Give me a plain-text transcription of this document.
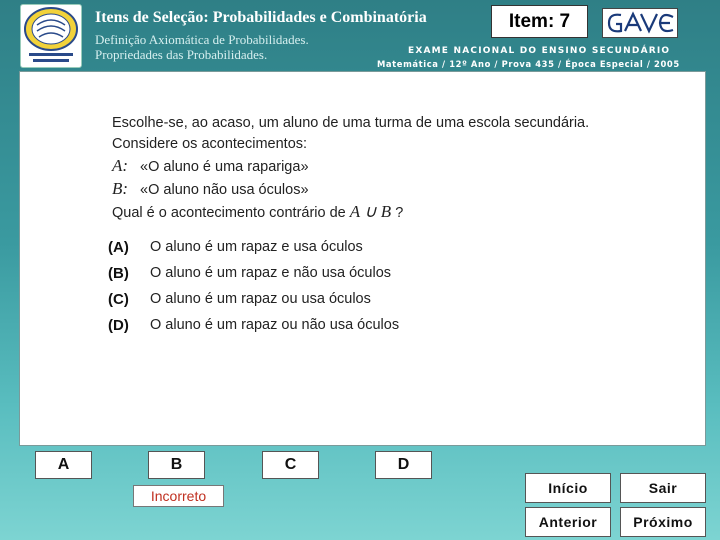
Itens de Seleção: Probabilidades e Combinatória
Definição Axiomática de Probabilidades.
Propriedades das Probabilidades.
Item: 7
EXAME NACIONAL DO ENSINO SECUNDÁRIO
Matemática / 12º Ano / Prova 435 / Época Especial / 2005
Escolhe-se, ao acaso, um aluno de uma turma de uma escola secundária.
Considere os acontecimentos:
A: «O aluno é uma rapariga»
B: «O aluno não usa óculos»
Qual é o acontecimento contrário de A ∪ B ?
(A)	O aluno é um rapaz e usa óculos
(B)	O aluno é um rapaz e não usa óculos
(C)	O aluno é um rapaz ou usa óculos
(D)	O aluno é um rapaz ou não usa óculos
A	B	C	D
Incorreto	Início	Sair
Anterior	Próximo
